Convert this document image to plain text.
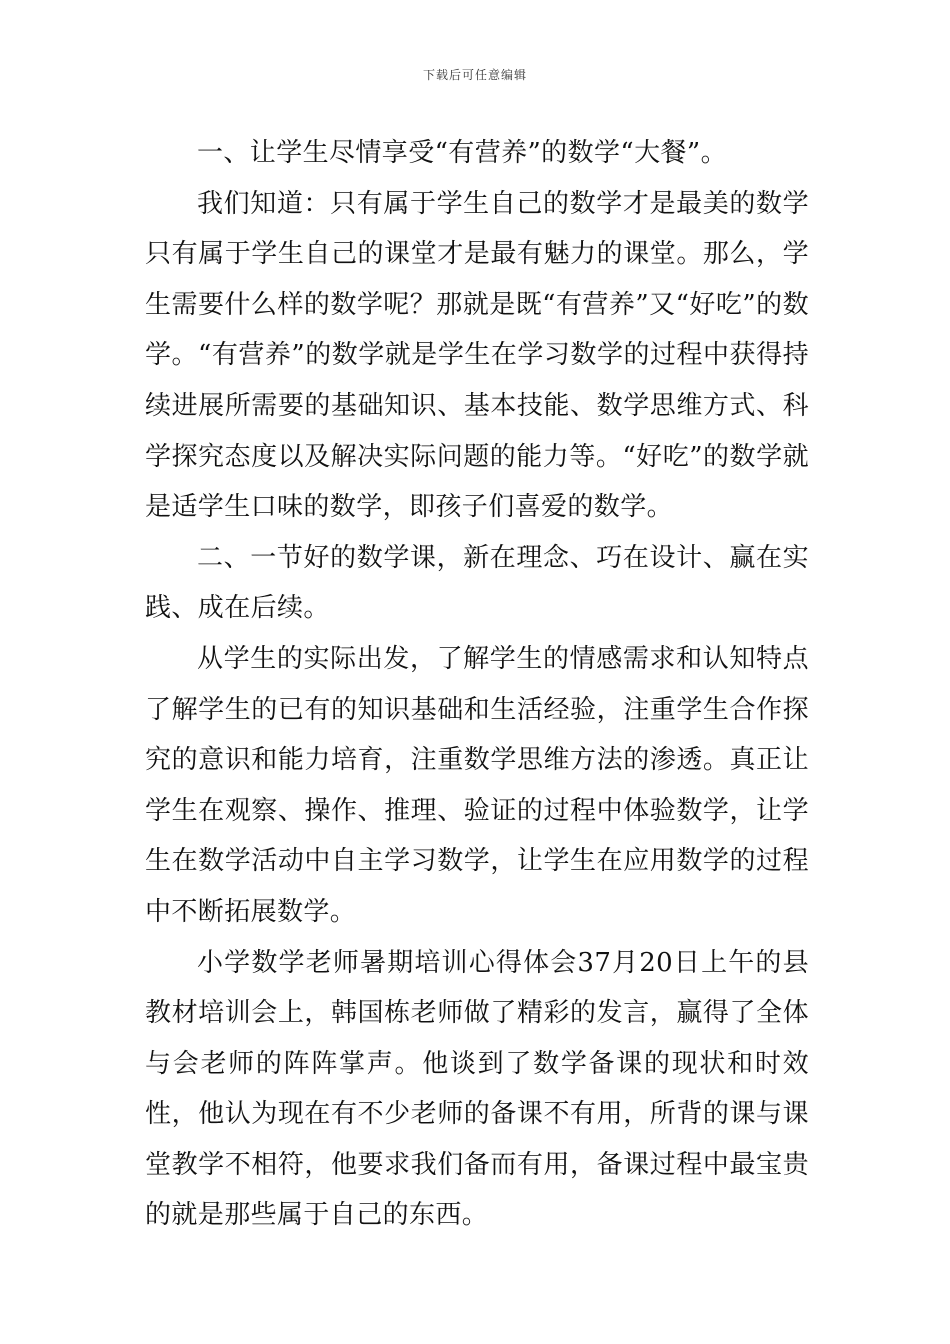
下载后可任意编辑

一、让学生尽情享受“有营养”的数学“大餐”。

我们知道：只有属于学生自己的数学才是最美的数学只有属于学生自己的课堂才是最有魅力的课堂。那么，学生需要什么样的数学呢？那就是既“有营养”又“好吃”的数学。“有营养”的数学就是学生在学习数学的过程中获得持续进展所需要的基础知识、基本技能、数学思维方式、科学探究态度以及解决实际问题的能力等。“好吃”的数学就是适学生口味的数学，即孩子们喜爱的数学。

二、一节好的数学课，新在理念、巧在设计、赢在实践、成在后续。

从学生的实际出发，了解学生的情感需求和认知特点了解学生的已有的知识基础和生活经验，注重学生合作探究的意识和能力培育，注重数学思维方法的渗透。真正让学生在观察、操作、推理、验证的过程中体验数学，让学生在数学活动中自主学习数学，让学生在应用数学的过程中不断拓展数学。

小学数学老师暑期培训心得体会37月20日上午的县教材培训会上，韩国栋老师做了精彩的发言，赢得了全体与会老师的阵阵掌声。他谈到了数学备课的现状和时效性，他认为现在有不少老师的备课不有用，所背的课与课堂教学不相符，他要求我们备而有用，备课过程中最宝贵的就是那些属于自己的东西。
